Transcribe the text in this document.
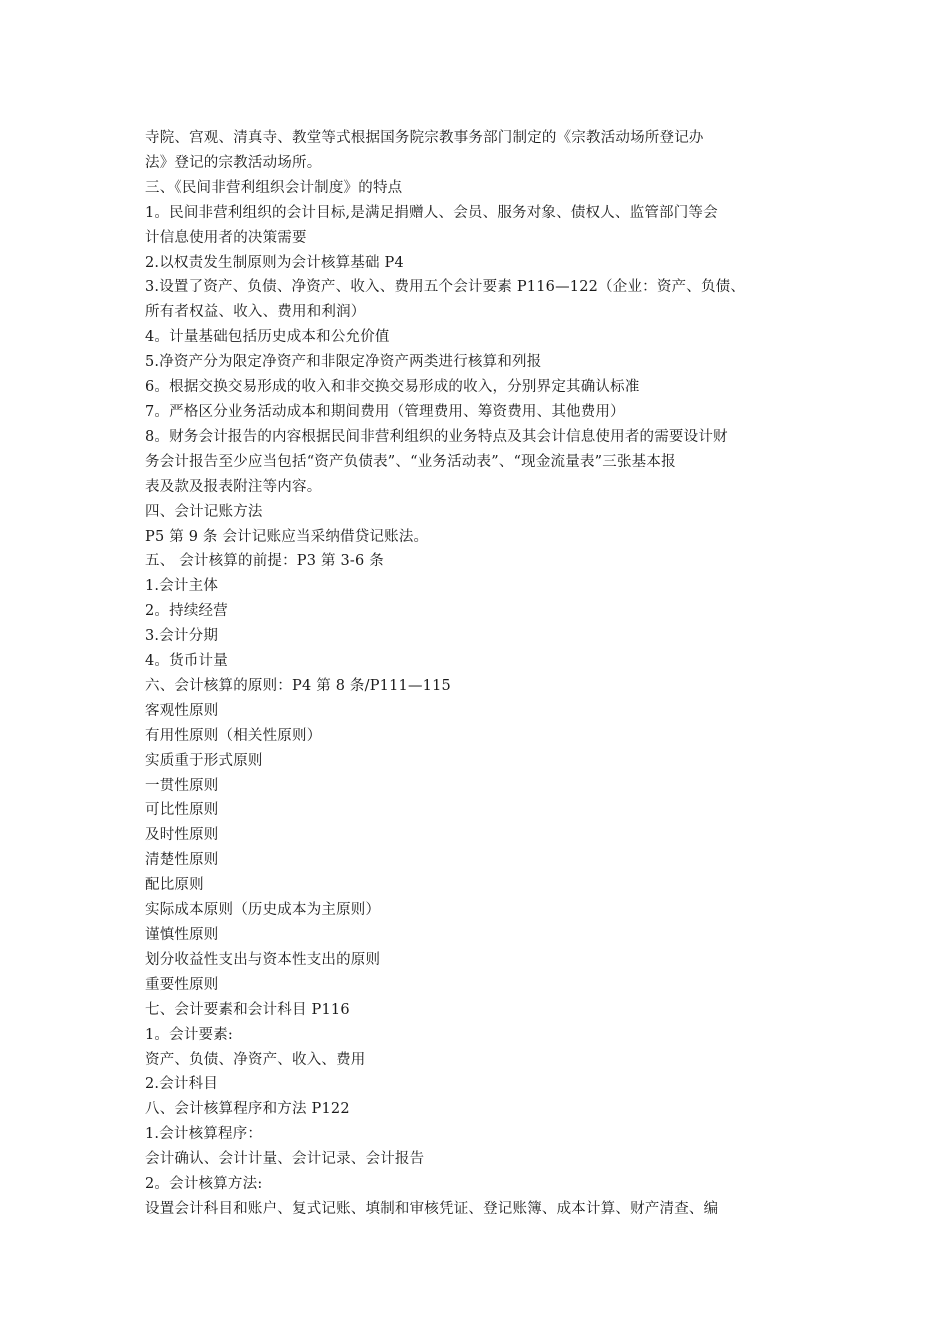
寺院、宫观、清真寺、教堂等式根据国务院宗教事务部门制定的《宗教活动场所登记办
法》登记的宗教活动场所。
三、《民间非营利组织会计制度》的特点
1。民间非营利组织的会计目标,是满足捐赠人、会员、服务对象、债权人、监管部门等会
计信息使用者的决策需要
2.以权责发生制原则为会计核算基础 P4
3.设置了资产、负债、净资产、收入、费用五个会计要素 P116—122（企业：资产、负债、
所有者权益、收入、费用和利润）
4。计量基础包括历史成本和公允价值
5.净资产分为限定净资产和非限定净资产两类进行核算和列报
6。根据交换交易形成的收入和非交换交易形成的收入，分别界定其确认标准
7。严格区分业务活动成本和期间费用（管理费用、筹资费用、其他费用）
8。财务会计报告的内容根据民间非营利组织的业务特点及其会计信息使用者的需要设计财
务会计报告至少应当包括“资产负债表”、“业务活动表”、“现金流量表”三张基本报
表及款及报表附注等内容。
四、会计记账方法
P5 第 9 条 会计记账应当采纳借贷记账法。
五、 会计核算的前提：P3 第 3-6 条
1.会计主体
2。持续经营
3.会计分期
4。货币计量
六、会计核算的原则：P4 第 8 条/P111—115
客观性原则
有用性原则（相关性原则）
实质重于形式原则
一贯性原则
可比性原则
及时性原则
清楚性原则
配比原则
实际成本原则（历史成本为主原则）
谨慎性原则
划分收益性支出与资本性支出的原则
重要性原则
七、会计要素和会计科目 P116
1。会计要素:
资产、负债、净资产、收入、费用
2.会计科目
八、会计核算程序和方法 P122
1.会计核算程序：
会计确认、会计计量、会计记录、会计报告
2。会计核算方法:
设置会计科目和账户、复式记账、填制和审核凭证、登记账簿、成本计算、财产清查、编
